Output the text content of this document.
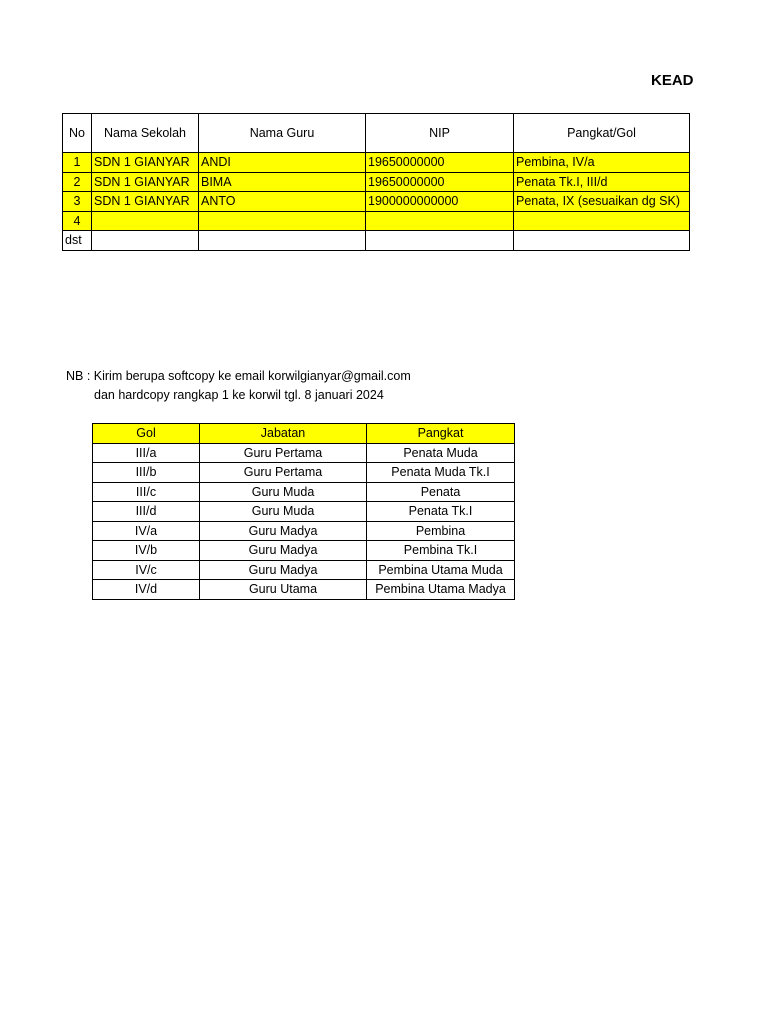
KEAD
No	Nama Sekolah	Nama Guru	NIP	Pangkat/Gol
1	SDN 1 GIANYAR	ANDI	19650000000	Pembina, IV/a
2	SDN 1 GIANYAR	BIMA	19650000000	Penata Tk.I, III/d
3	SDN 1 GIANYAR	ANTO	1900000000000	Penata, IX (sesuaikan dg SK)
4				
dst				
NB : Kirim berupa softcopy ke email korwilgianyar@gmail.com
dan hardcopy rangkap 1 ke korwil tgl. 8 januari 2024
Gol	Jabatan	Pangkat
III/a	Guru Pertama	Penata Muda
III/b	Guru Pertama	Penata Muda Tk.I
III/c	Guru Muda	Penata
III/d	Guru Muda	Penata Tk.I
IV/a	Guru Madya	Pembina
IV/b	Guru Madya	Pembina Tk.I
IV/c	Guru Madya	Pembina Utama Muda
IV/d	Guru Utama	Pembina Utama Madya
